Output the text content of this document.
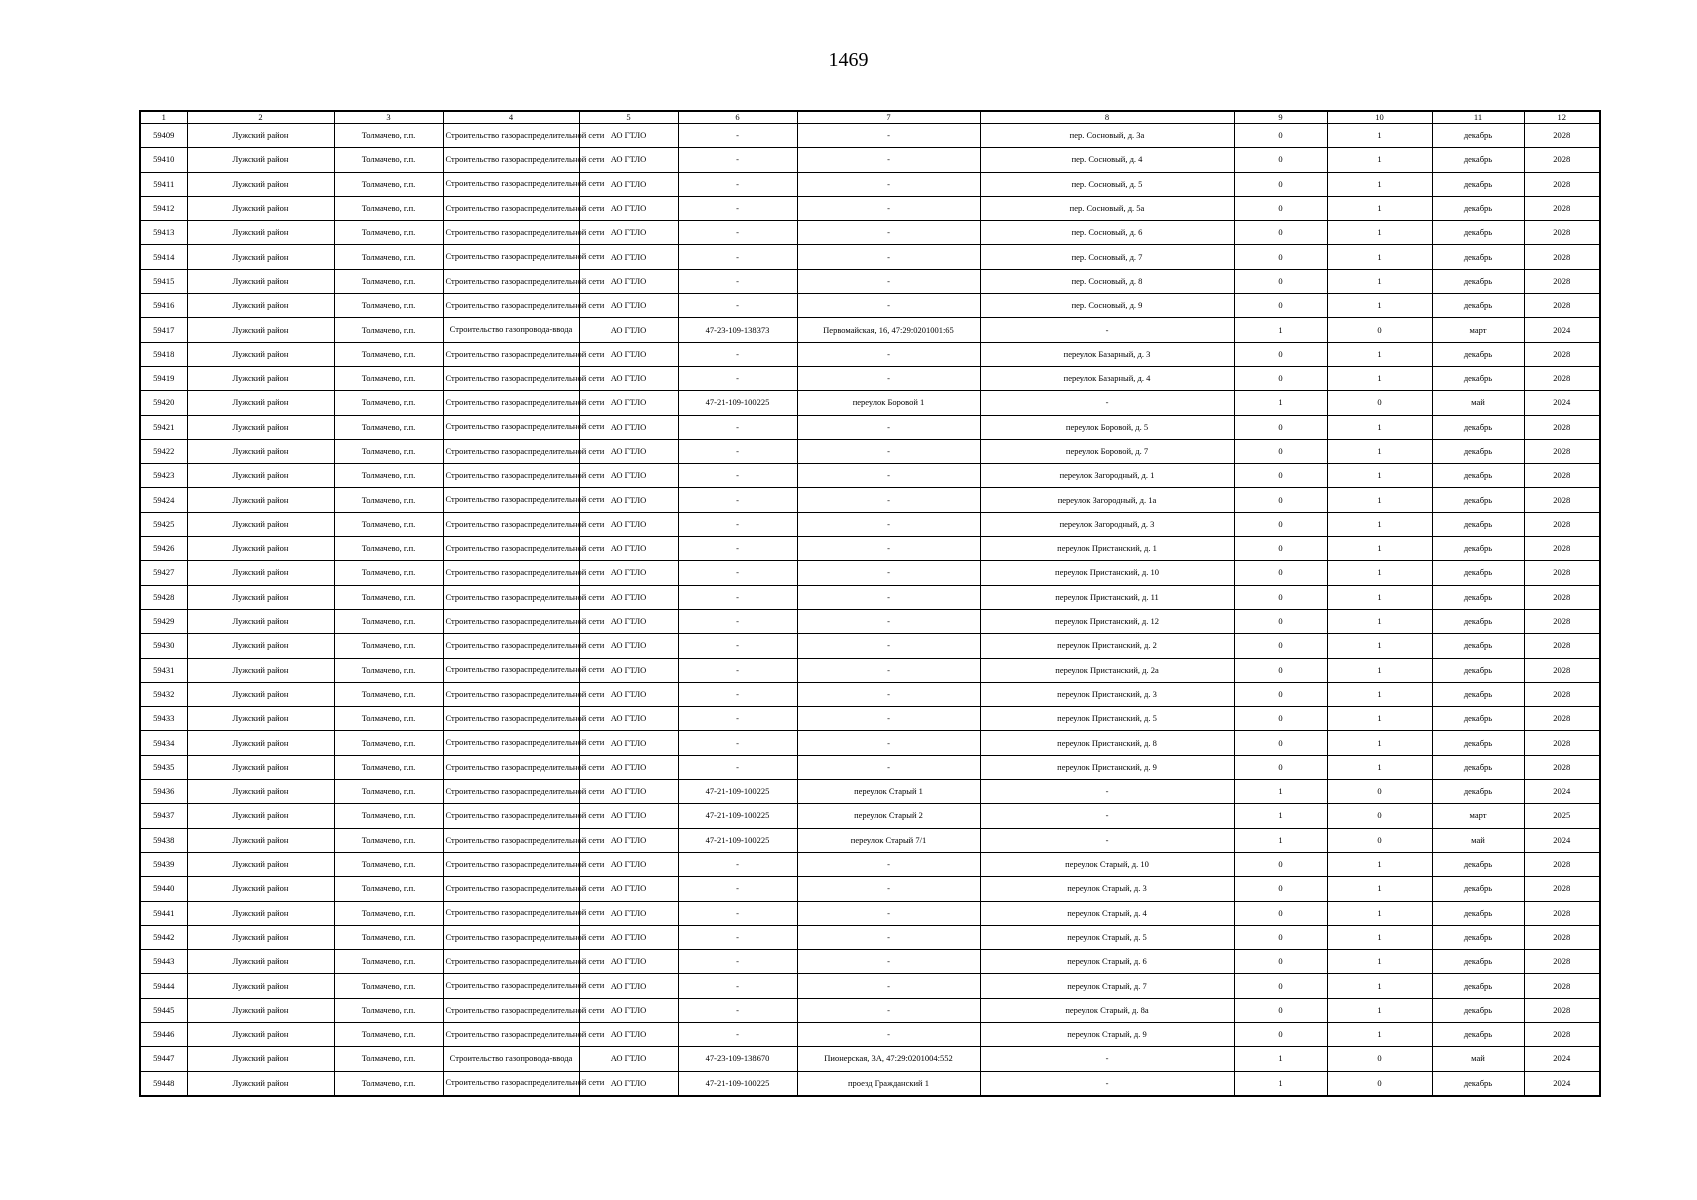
1469
1	2	3	4	5	6	7	8	9	10	11	12
59409	Лужский район	Толмачево, г.п.	Строительство газораспределительной сети	АО ГТЛО	-	-	пер. Сосновый, д. 3а	0	1	декабрь	2028
59410	Лужский район	Толмачево, г.п.	Строительство газораспределительной сети	АО ГТЛО	-	-	пер. Сосновый, д. 4	0	1	декабрь	2028
59411	Лужский район	Толмачево, г.п.	Строительство газораспределительной сети	АО ГТЛО	-	-	пер. Сосновый, д. 5	0	1	декабрь	2028
59412	Лужский район	Толмачево, г.п.	Строительство газораспределительной сети	АО ГТЛО	-	-	пер. Сосновый, д. 5а	0	1	декабрь	2028
59413	Лужский район	Толмачево, г.п.	Строительство газораспределительной сети	АО ГТЛО	-	-	пер. Сосновый, д. 6	0	1	декабрь	2028
59414	Лужский район	Толмачево, г.п.	Строительство газораспределительной сети	АО ГТЛО	-	-	пер. Сосновый, д. 7	0	1	декабрь	2028
59415	Лужский район	Толмачево, г.п.	Строительство газораспределительной сети	АО ГТЛО	-	-	пер. Сосновый, д. 8	0	1	декабрь	2028
59416	Лужский район	Толмачево, г.п.	Строительство газораспределительной сети	АО ГТЛО	-	-	пер. Сосновый, д. 9	0	1	декабрь	2028
59417	Лужский район	Толмачево, г.п.	Строительство газопровода-ввода	АО ГТЛО	47-23-109-138373	Первомайская, 16, 47:29:0201001:65	-	1	0	март	2024
59418	Лужский район	Толмачево, г.п.	Строительство газораспределительной сети	АО ГТЛО	-	-	переулок Базарный, д. 3	0	1	декабрь	2028
59419	Лужский район	Толмачево, г.п.	Строительство газораспределительной сети	АО ГТЛО	-	-	переулок Базарный, д. 4	0	1	декабрь	2028
59420	Лужский район	Толмачево, г.п.	Строительство газораспределительной сети	АО ГТЛО	47-21-109-100225	переулок Боровой 1	-	1	0	май	2024
59421	Лужский район	Толмачево, г.п.	Строительство газораспределительной сети	АО ГТЛО	-	-	переулок Боровой, д. 5	0	1	декабрь	2028
59422	Лужский район	Толмачево, г.п.	Строительство газораспределительной сети	АО ГТЛО	-	-	переулок Боровой, д. 7	0	1	декабрь	2028
59423	Лужский район	Толмачево, г.п.	Строительство газораспределительной сети	АО ГТЛО	-	-	переулок Загородный, д. 1	0	1	декабрь	2028
59424	Лужский район	Толмачево, г.п.	Строительство газораспределительной сети	АО ГТЛО	-	-	переулок Загородный, д. 1а	0	1	декабрь	2028
59425	Лужский район	Толмачево, г.п.	Строительство газораспределительной сети	АО ГТЛО	-	-	переулок Загородный, д. 3	0	1	декабрь	2028
59426	Лужский район	Толмачево, г.п.	Строительство газораспределительной сети	АО ГТЛО	-	-	переулок Пристанский, д. 1	0	1	декабрь	2028
59427	Лужский район	Толмачево, г.п.	Строительство газораспределительной сети	АО ГТЛО	-	-	переулок Пристанский, д. 10	0	1	декабрь	2028
59428	Лужский район	Толмачево, г.п.	Строительство газораспределительной сети	АО ГТЛО	-	-	переулок Пристанский, д. 11	0	1	декабрь	2028
59429	Лужский район	Толмачево, г.п.	Строительство газораспределительной сети	АО ГТЛО	-	-	переулок Пристанский, д. 12	0	1	декабрь	2028
59430	Лужский район	Толмачево, г.п.	Строительство газораспределительной сети	АО ГТЛО	-	-	переулок Пристанский, д. 2	0	1	декабрь	2028
59431	Лужский район	Толмачево, г.п.	Строительство газораспределительной сети	АО ГТЛО	-	-	переулок Пристанский, д. 2а	0	1	декабрь	2028
59432	Лужский район	Толмачево, г.п.	Строительство газораспределительной сети	АО ГТЛО	-	-	переулок Пристанский, д. 3	0	1	декабрь	2028
59433	Лужский район	Толмачево, г.п.	Строительство газораспределительной сети	АО ГТЛО	-	-	переулок Пристанский, д. 5	0	1	декабрь	2028
59434	Лужский район	Толмачево, г.п.	Строительство газораспределительной сети	АО ГТЛО	-	-	переулок Пристанский, д. 8	0	1	декабрь	2028
59435	Лужский район	Толмачево, г.п.	Строительство газораспределительной сети	АО ГТЛО	-	-	переулок Пристанский, д. 9	0	1	декабрь	2028
59436	Лужский район	Толмачево, г.п.	Строительство газораспределительной сети	АО ГТЛО	47-21-109-100225	переулок Старый 1	-	1	0	декабрь	2024
59437	Лужский район	Толмачево, г.п.	Строительство газораспределительной сети	АО ГТЛО	47-21-109-100225	переулок Старый 2	-	1	0	март	2025
59438	Лужский район	Толмачево, г.п.	Строительство газораспределительной сети	АО ГТЛО	47-21-109-100225	переулок Старый 7/1	-	1	0	май	2024
59439	Лужский район	Толмачево, г.п.	Строительство газораспределительной сети	АО ГТЛО	-	-	переулок Старый, д. 10	0	1	декабрь	2028
59440	Лужский район	Толмачево, г.п.	Строительство газораспределительной сети	АО ГТЛО	-	-	переулок Старый, д. 3	0	1	декабрь	2028
59441	Лужский район	Толмачево, г.п.	Строительство газораспределительной сети	АО ГТЛО	-	-	переулок Старый, д. 4	0	1	декабрь	2028
59442	Лужский район	Толмачево, г.п.	Строительство газораспределительной сети	АО ГТЛО	-	-	переулок Старый, д. 5	0	1	декабрь	2028
59443	Лужский район	Толмачево, г.п.	Строительство газораспределительной сети	АО ГТЛО	-	-	переулок Старый, д. 6	0	1	декабрь	2028
59444	Лужский район	Толмачево, г.п.	Строительство газораспределительной сети	АО ГТЛО	-	-	переулок Старый, д. 7	0	1	декабрь	2028
59445	Лужский район	Толмачево, г.п.	Строительство газораспределительной сети	АО ГТЛО	-	-	переулок Старый, д. 8а	0	1	декабрь	2028
59446	Лужский район	Толмачево, г.п.	Строительство газораспределительной сети	АО ГТЛО	-	-	переулок Старый, д. 9	0	1	декабрь	2028
59447	Лужский район	Толмачево, г.п.	Строительство газопровода-ввода	АО ГТЛО	47-23-109-138670	Пионерская, 3А, 47:29:0201004:552	-	1	0	май	2024
59448	Лужский район	Толмачево, г.п.	Строительство газораспределительной сети	АО ГТЛО	47-21-109-100225	проезд Гражданский 1	-	1	0	декабрь	2024
